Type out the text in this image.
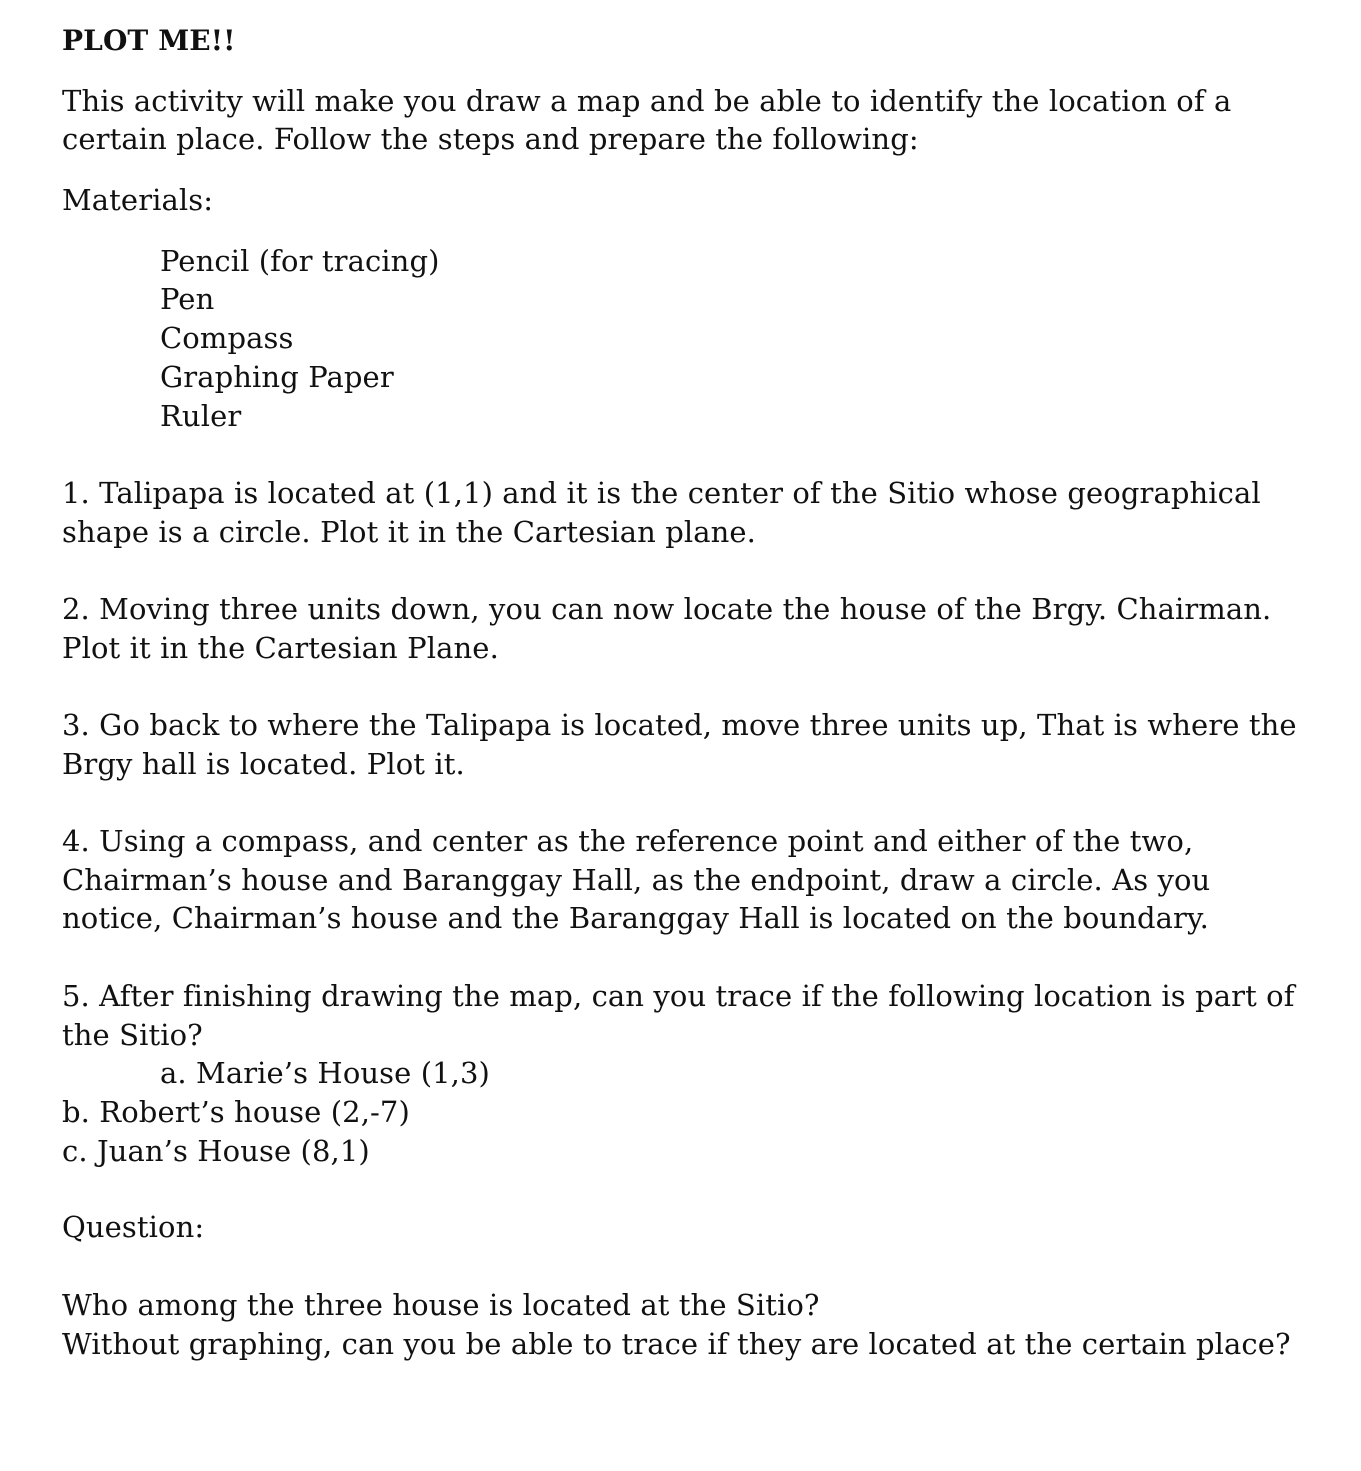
PLOT ME!!
This activity will make you draw a map and be able to identify the location of a
certain place. Follow the steps and prepare the following:
Materials:
Pencil (for tracing)
Pen
Compass
Graphing Paper
Ruler
1. Talipapa is located at (1,1) and it is the center of the Sitio whose geographical
shape is a circle. Plot it in the Cartesian plane.
2. Moving three units down, you can now locate the house of the Brgy. Chairman.
Plot it in the Cartesian Plane.
3. Go back to where the Talipapa is located, move three units up, That is where the
Brgy hall is located. Plot it.
4. Using a compass, and center as the reference point and either of the two,
Chairman’s house and Baranggay Hall, as the endpoint, draw a circle. As you
notice, Chairman’s house and the Baranggay Hall is located on the boundary.
5. After finishing drawing the map, can you trace if the following location is part of
the Sitio?
a. Marie’s House (1,3)
b. Robert’s house (2,-7)
c. Juan’s House (8,1)
Question:
Who among the three house is located at the Sitio?
Without graphing, can you be able to trace if they are located at the certain place?
